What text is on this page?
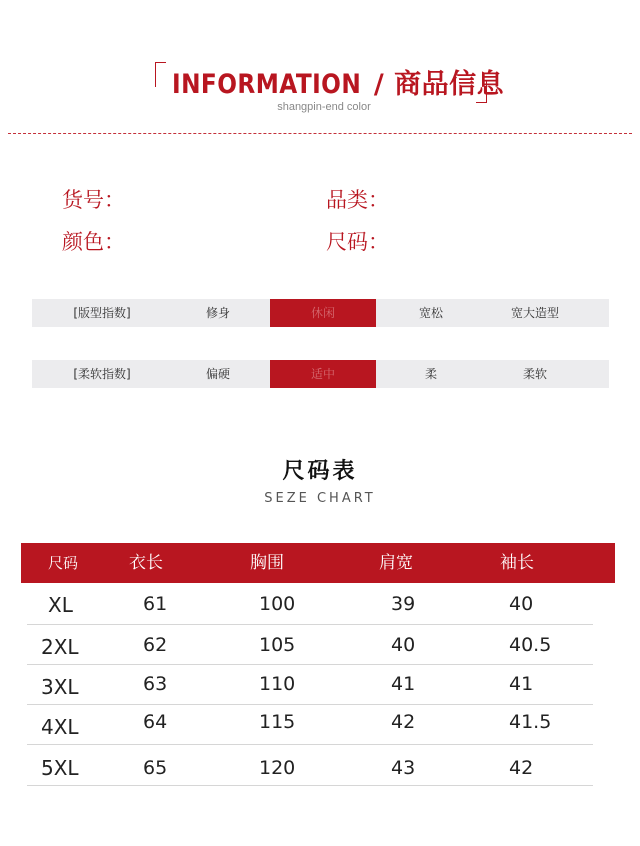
INFORMATION / 商品信息
shangpin-end color
货号：	品类：
颜色：	尺码：
[版型指数]	修身	休闲	宽松	宽大造型
[柔软指数]	偏硬	适中	柔	柔软
尺码表
SEZE CHART
尺码	衣长	胸围	肩宽	袖长
XL	61	100	39	40
2XL	62	105	40	40.5
3XL	63	110	41	41
4XL	64	115	42	41.5
5XL	65	120	43	42
